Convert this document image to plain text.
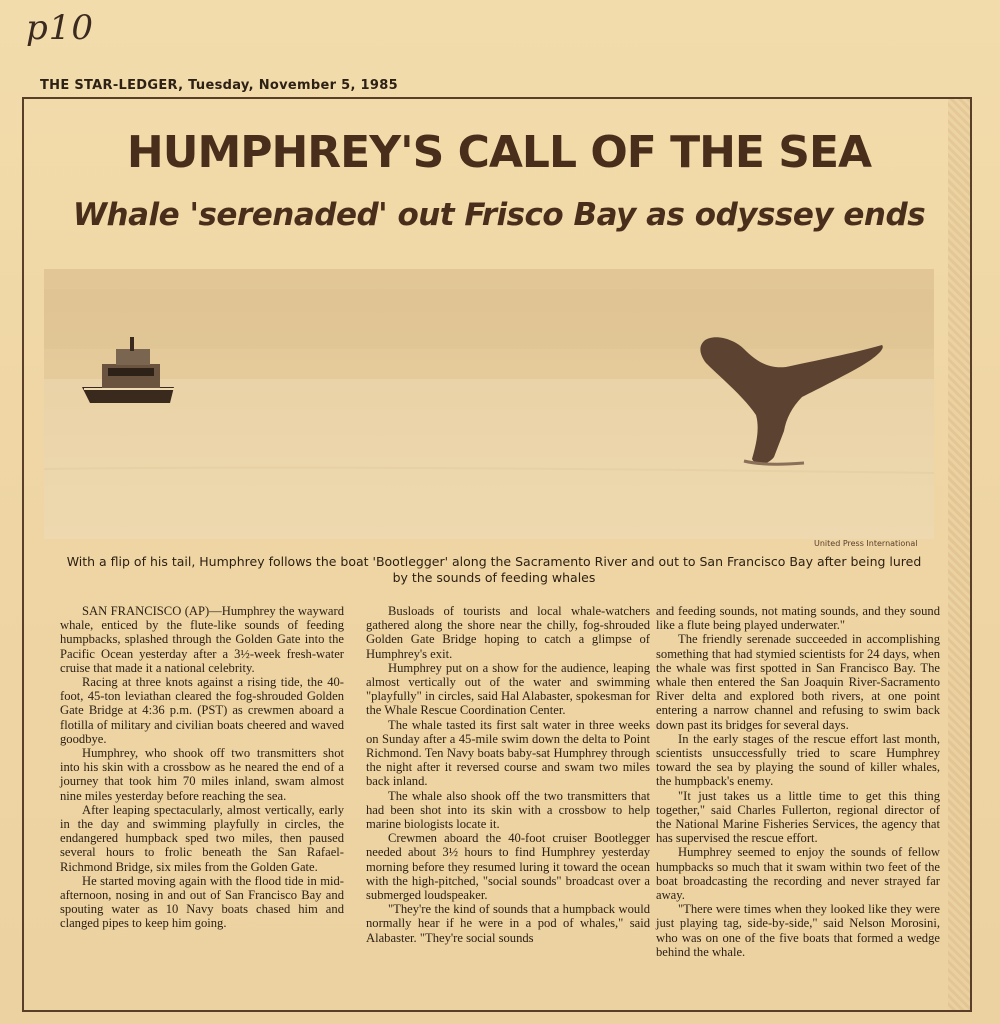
p10
THE STAR-LEDGER, Tuesday, November 5, 1985
HUMPHREY'S CALL OF THE SEA
Whale 'serenaded' out Frisco Bay as odyssey ends
United Press International
With a flip of his tail, Humphrey follows the boat 'Bootlegger' along the Sacramento River and out to San Francisco Bay after being lured
by the sounds of feeding whales

SAN FRANCISCO (AP)—Humphrey the wayward whale, enticed by the flute-like sounds of feeding humpbacks, splashed through the Golden Gate into the Pacific Ocean yesterday after a 3½-week fresh-water cruise that made it a national celebrity.

Racing at three knots against a rising tide, the 40-foot, 45-ton leviathan cleared the fog-shrouded Golden Gate Bridge at 4:36 p.m. (PST) as crewmen aboard a flotilla of military and civilian boats cheered and waved goodbye.

Humphrey, who shook off two transmitters shot into his skin with a crossbow as he neared the end of a journey that took him 70 miles inland, swam almost nine miles yesterday before reaching the sea.

After leaping spectacularly, almost vertically, early in the day and swimming playfully in circles, the endangered humpback sped two miles, then paused several hours to frolic beneath the San Rafael-Richmond Bridge, six miles from the Golden Gate.

He started moving again with the flood tide in mid-afternoon, nosing in and out of San Francisco Bay and spouting water as 10 Navy boats chased him and clanged pipes to keep him going.

Busloads of tourists and local whale-watchers gathered along the shore near the chilly, fog-shrouded Golden Gate Bridge hoping to catch a glimpse of Humphrey's exit.

Humphrey put on a show for the audience, leaping almost vertically out of the water and swimming "playfully" in circles, said Hal Alabaster, spokesman for the Whale Rescue Coordination Center.

The whale tasted its first salt water in three weeks on Sunday after a 45-mile swim down the delta to Point Richmond. Ten Navy boats baby-sat Humphrey through the night after it reversed course and swam two miles back inland.

The whale also shook off the two transmitters that had been shot into its skin with a crossbow to help marine biologists locate it.

Crewmen aboard the 40-foot cruiser Bootlegger needed about 3½ hours to find Humphrey yesterday morning before they resumed luring it toward the ocean with the high-pitched, "social sounds" broadcast over a submerged loudspeaker.

"They're the kind of sounds that a humpback would normally hear if he were in a pod of whales," said Alabaster. "They're social sounds

and feeding sounds, not mating sounds, and they sound like a flute being played underwater."

The friendly serenade succeeded in accomplishing something that had stymied scientists for 24 days, when the whale was first spotted in San Francisco Bay. The whale then entered the San Joaquin River-Sacramento River delta and explored both rivers, at one point entering a narrow channel and refusing to swim back down past its bridges for several days.

In the early stages of the rescue effort last month, scientists unsuccessfully tried to scare Humphrey toward the sea by playing the sound of killer whales, the humpback's enemy.

"It just takes us a little time to get this thing together," said Charles Fullerton, regional director of the National Marine Fisheries Services, the agency that has supervised the rescue effort.

Humphrey seemed to enjoy the sounds of fellow humpbacks so much that it swam within two feet of the boat broadcasting the recording and never strayed far away.

"There were times when they looked like they were just playing tag, side-by-side," said Nelson Morosini, who was on one of the five boats that formed a wedge behind the whale.
